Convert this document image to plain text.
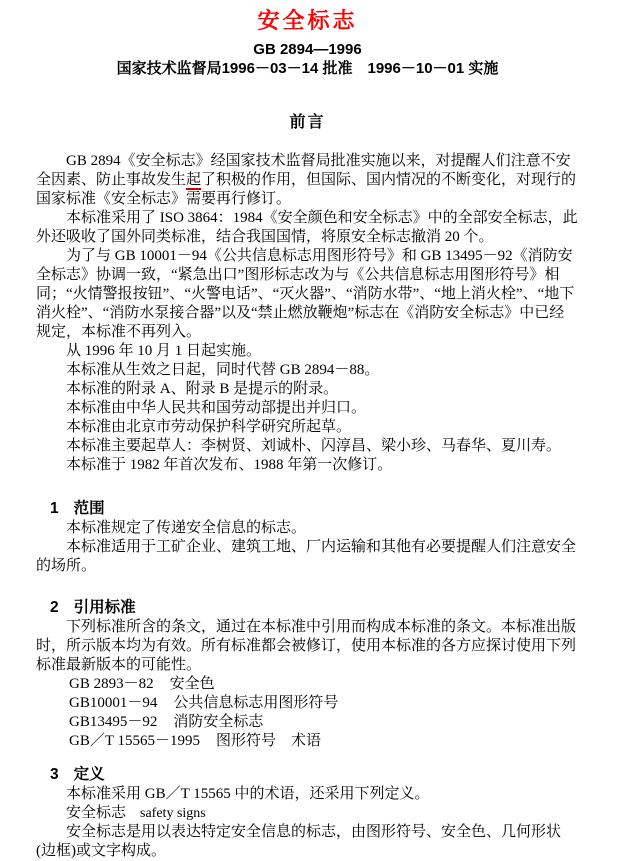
安全标志
GB 2894—1996
国家技术监督局1996－03－14 批准　1996－10－01 实施
前言

GB 2894《安全标志》经国家技术监督局批准实施以来，对提醒人们注意不安全因素、防止事故发生起了积极的作用，但国际、国内情况的不断变化，对现行的国家标准《安全标志》需要再行修订。

本标准采用了 ISO 3864：1984《安全颜色和安全标志》中的全部安全标志，此外还吸收了国外同类标准，结合我国国情，将原安全标志撤消 20 个。

为了与 GB 10001－94《公共信息标志用图形符号》和 GB 13495－92《消防安全标志》协调一致，“紧急出口”图形标志改为与《公共信息标志用图形符号》相同；“火情警报按钮”、“火警电话”、“灭火器”、“消防水带”、“地上消火栓”、“地下消火栓”、“消防水泵接合器”以及“禁止燃放鞭炮”标志在《消防安全标志》中已经规定，本标准不再列入。

从 1996 年 10 月 1 日起实施。

本标准从生效之日起，同时代替 GB 2894－88。

本标准的附录 A、附录 B 是提示的附录。

本标准由中华人民共和国劳动部提出并归口。

本标准由北京市劳动保护科学研究所起草。

本标准主要起草人：李树贤、刘诚朴、闪淳昌、梁小珍、马春华、夏川寿。

本标准于 1982 年首次发布、1988 年第一次修订。

1 范围

本标准规定了传递安全信息的标志。

本标准适用于工矿企业、建筑工地、厂内运输和其他有必要提醒人们注意安全的场所。

2 引用标准

下列标准所含的条文，通过在本标准中引用而构成本标准的条文。本标准出版时，所示版本均为有效。所有标准都会被修订，使用本标准的各方应探讨使用下列标准最新版本的可能性。

GB 2893－82 安全色

GB10001－94 公共信息标志用图形符号

GB13495－92 消防安全标志

GB／T 15565－1995 图形符号　术语

3 定义

本标准采用 GB／T 15565 中的术语，还采用下列定义。

安全标志 safety signs

安全标志是用以表达特定安全信息的标志，由图形符号、安全色、几何形状(边框)或文字构成。
